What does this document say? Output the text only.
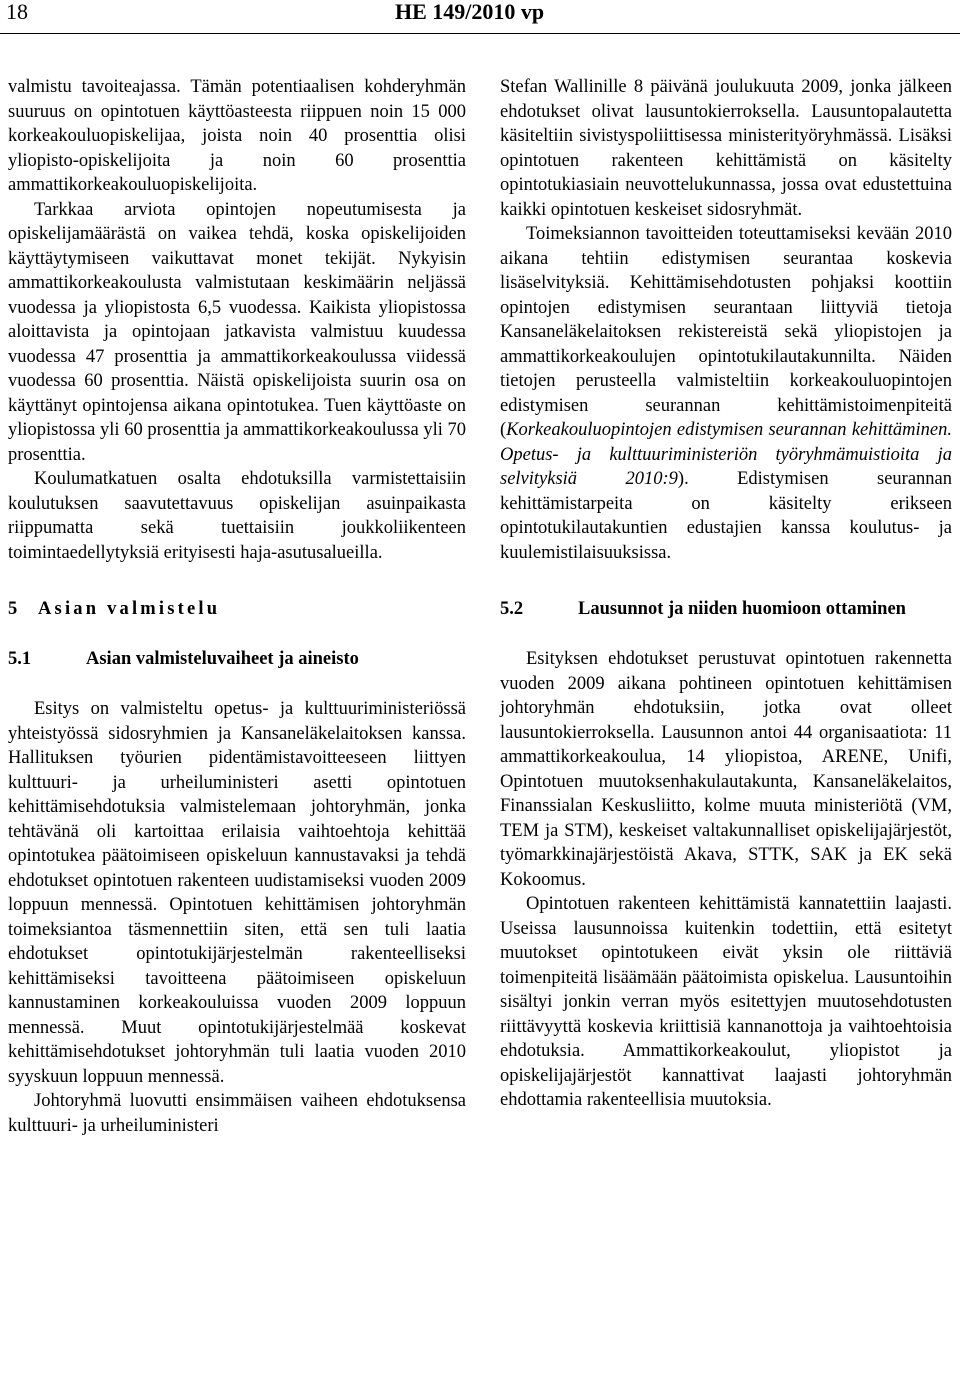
18	HE 149/2010 vp

valmistu tavoiteajassa. Tämän potentiaalisen kohderyhmän suuruus on opintotuen käyttöasteesta riippuen noin 15 000 korkeakouluopiskelijaa, joista noin 40 prosenttia olisi yliopisto-opiskelijoita ja noin 60 prosenttia ammattikorkeakouluopiskelijoita.

Tarkkaa arviota opintojen nopeutumisesta ja opiskelijamäärästä on vaikea tehdä, koska opiskelijoiden käyttäytymiseen vaikuttavat monet tekijät. Nykyisin ammattikorkeakoulusta valmistutaan keskimäärin neljässä vuodessa ja yliopistosta 6,5 vuodessa. Kaikista yliopistossa aloittavista ja opintojaan jatkavista valmistuu kuudessa vuodessa 47 prosenttia ja ammattikorkeakoulussa viidessä vuodessa 60 prosenttia. Näistä opiskelijoista suurin osa on käyttänyt opintojensa aikana opintotukea. Tuen käyttöaste on yliopistossa yli 60 prosenttia ja ammattikorkeakoulussa yli 70 prosenttia.

Koulumatkatuen osalta ehdotuksilla varmistettaisiin koulutuksen saavutettavuus opiskelijan asuinpaikasta riippumatta sekä tuettaisiin joukkoliikenteen toimintaedellytyksiä erityisesti haja-asutusalueilla.

5	Asian valmistelu
5.1	Asian valmisteluvaiheet ja aineisto

Esitys on valmisteltu opetus- ja kulttuuriministeriössä yhteistyössä sidosryhmien ja Kansaneläkelaitoksen kanssa. Hallituksen työurien pidentämistavoitteeseen liittyen kulttuuri- ja urheiluministeri asetti opintotuen kehittämisehdotuksia valmistelemaan johtoryhmän, jonka tehtävänä oli kartoittaa erilaisia vaihtoehtoja kehittää opintotukea päätoimiseen opiskeluun kannustavaksi ja tehdä ehdotukset opintotuen rakenteen uudistamiseksi vuoden 2009 loppuun mennessä. Opintotuen kehittämisen johtoryhmän toimeksiantoa täsmennettiin siten, että sen tuli laatia ehdotukset opintotukijärjestelmän rakenteelliseksi kehittämiseksi tavoitteena päätoimiseen opiskeluun kannustaminen korkeakouluissa vuoden 2009 loppuun mennessä. Muut opintotukijärjestelmää koskevat kehittämisehdotukset johtoryhmän tuli laatia vuoden 2010 syyskuun loppuun mennessä.

Johtoryhmä luovutti ensimmäisen vaiheen ehdotuksensa kulttuuri- ja urheiluministeri

Stefan Wallinille 8 päivänä joulukuuta 2009, jonka jälkeen ehdotukset olivat lausuntokierroksella. Lausuntopalautetta käsiteltiin sivistyspoliittisessa ministerityöryhmässä. Lisäksi opintotuen rakenteen kehittämistä on käsitelty opintotukiasiain neuvottelukunnassa, jossa ovat edustettuina kaikki opintotuen keskeiset sidosryhmät.

Toimeksiannon tavoitteiden toteuttamiseksi kevään 2010 aikana tehtiin edistymisen seurantaa koskevia lisäselvityksiä. Kehittämisehdotusten pohjaksi koottiin opintojen edistymisen seurantaan liittyviä tietoja Kansaneläkelaitoksen rekistereistä sekä yliopistojen ja ammattikorkeakoulujen opintotukilautakunnilta. Näiden tietojen perusteella valmisteltiin korkeakouluopintojen edistymisen seurannan kehittämistoimenpiteitä (Korkeakouluopintojen edistymisen seurannan kehittäminen. Opetus- ja kulttuuriministeriön työryhmämuistioita ja selvityksiä 2010:9). Edistymisen seurannan kehittämistarpeita on käsitelty erikseen opintotukilautakuntien edustajien kanssa koulutus- ja kuulemistilaisuuksissa.

5.2	Lausunnot ja niiden huomioon ottaminen

Esityksen ehdotukset perustuvat opintotuen rakennetta vuoden 2009 aikana pohtineen opintotuen kehittämisen johtoryhmän ehdotuksiin, jotka ovat olleet lausuntokierroksella. Lausunnon antoi 44 organisaatiota: 11 ammattikorkeakoulua, 14 yliopistoa, ARENE, Unifi, Opintotuen muutoksenhakulautakunta, Kansaneläkelaitos, Finanssialan Keskusliitto, kolme muuta ministeriötä (VM, TEM ja STM), keskeiset valtakunnalliset opiskelijajärjestöt, työmarkkinajärjestöistä Akava, STTK, SAK ja EK sekä Kokoomus.

Opintotuen rakenteen kehittämistä kannatettiin laajasti. Useissa lausunnoissa kuitenkin todettiin, että esitetyt muutokset opintotukeen eivät yksin ole riittäviä toimenpiteitä lisäämään päätoimista opiskelua. Lausuntoihin sisältyi jonkin verran myös esitettyjen muutosehdotusten riittävyyttä koskevia kriittisiä kannanottoja ja vaihtoehtoisia ehdotuksia. Ammattikorkeakoulut, yliopistot ja opiskelijajärjestöt kannattivat laajasti johtoryhmän ehdottamia rakenteellisia muutoksia.
